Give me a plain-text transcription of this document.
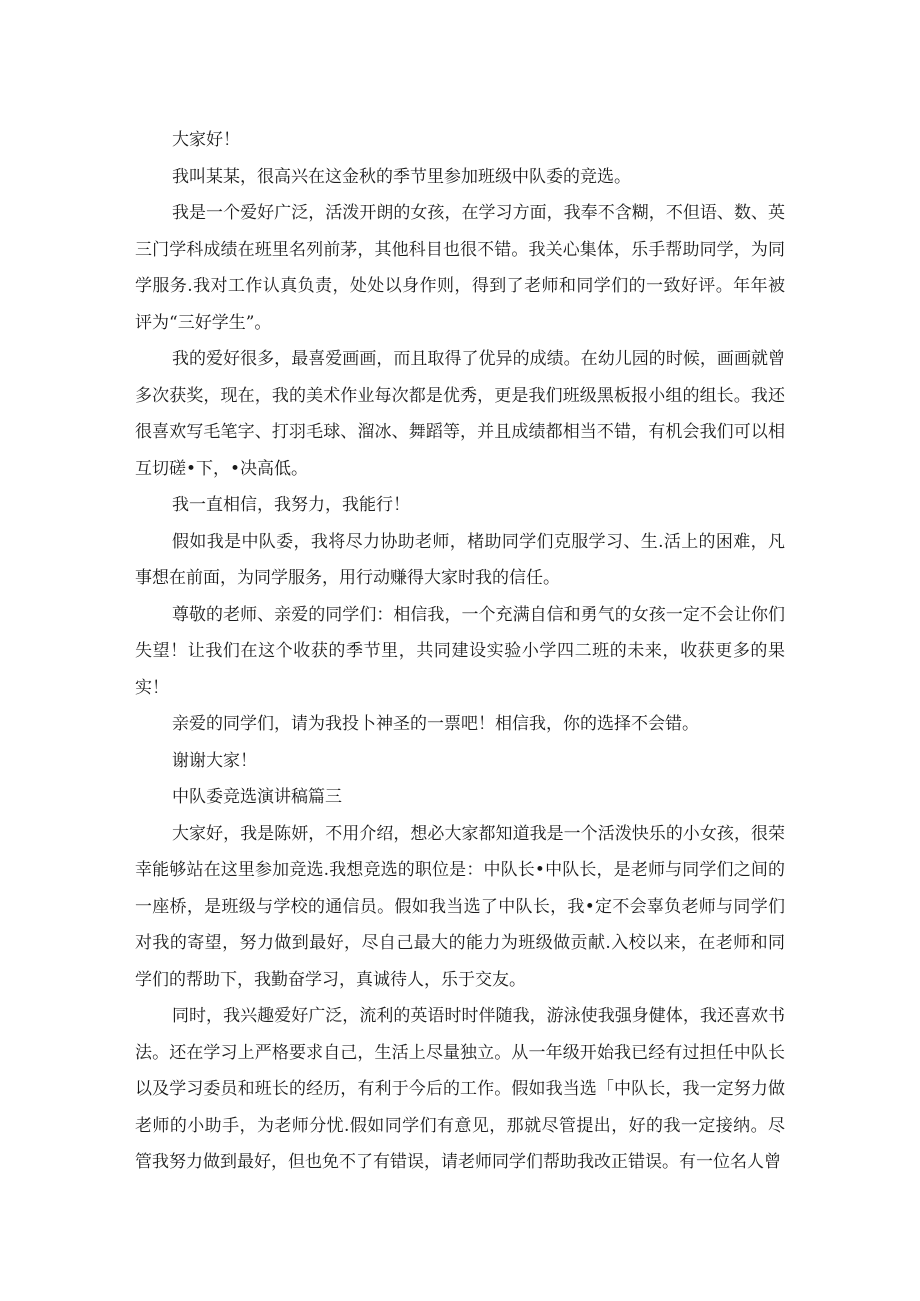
大家好！

我叫某某，很高兴在这金秋的季节里参加班级中队委的竞选。

我是一个爱好广泛，活泼开朗的女孩，在学习方面，我奉不含糊，不但语、数、英三门学科成绩在班里名列前茅，其他科目也很不错。我关心集体，乐手帮助同学，为同学服务.我对工作认真负责，处处以身作则，得到了老师和同学们的一致好评。年年被评为“三好学生”。

我的爱好很多，最喜爱画画，而且取得了优异的成绩。在幼儿园的时候，画画就曾多次获奖，现在，我的美术作业每次都是优秀，更是我们班级黑板报小组的组长。我还很喜欢写毛笔字、打羽毛球、溜冰、舞蹈等，并且成绩都相当不错，有机会我们可以相互切磋•下，•决高低。

我一直相信，我努力，我能行！

假如我是中队委，我将尽力协助老师，楮助同学们克服学习、生.活上的困难，凡事想在前面，为同学服务，用行动赚得大家时我的信任。

尊敬的老师、亲爱的同学们：相信我，一个充满自信和勇气的女孩一定不会让你们失望！让我们在这个收获的季节里，共同建设实验小学四二班的未来，收获更多的果实！

亲爱的同学们，请为我投卜神圣的一票吧！相信我，你的选择不会错。

谢谢大家！

中队委竞选演讲稿篇三

大家好，我是陈妍，不用介绍，想必大家都知道我是一个活泼快乐的小女孩，很荣幸能够站在这里参加竞选.我想竞选的职位是：中队长•中队长，是老师与同学们之间的一座桥，是班级与学校的通信员。假如我当选了中队长，我•定不会辜负老师与同学们对我的寄望，努力做到最好，尽自己最大的能力为班级做贡献.入校以来，在老师和同学们的帮助下，我勤奋学习，真诚待人，乐于交友。

同时，我兴趣爱好广泛，流利的英语时时伴随我，游泳使我强身健体，我还喜欢书法。还在学习上严格要求自己，生活上尽量独立。从一年级开始我已经有过担任中队长以及学习委员和班长的经历，有利于今后的工作。假如我当选「中队长，我一定努力做老师的小助手，为老师分忧.假如同学们有意见，那就尽管提出，好的我一定接纳。尽管我努力做到最好，但也免不了有错误，请老师同学们帮助我改正错误。有一位名人曾
